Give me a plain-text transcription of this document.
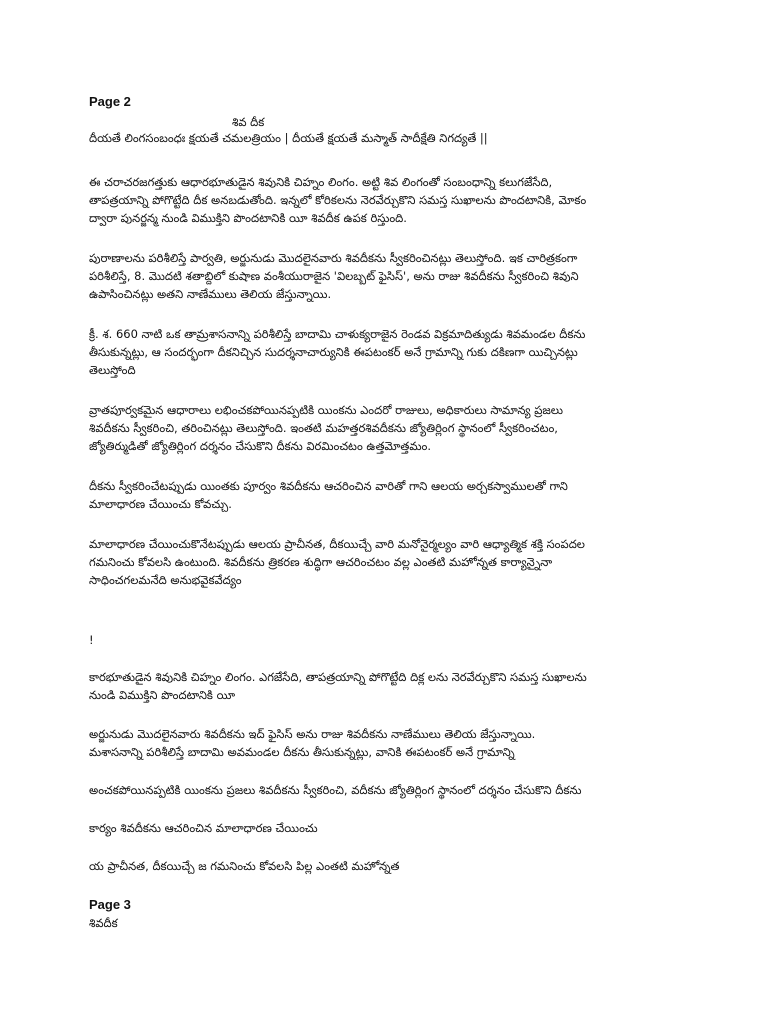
Page 2
శివ దీక
దీయతే లింగసంబంధః క్షయతే చమలత్రియం | దీయతే క్షయతే మస్మాత్ సాదీక్షేతి నిగద్యతే ||
ఈ చరాచరజగత్తుకు ఆధారభూతుడైన శివునికి చిహ్నం లింగం. అట్టి శివ లింగంతో సంబంధాన్ని కలుగజేసేది,
తాపత్రయాన్ని పోగొట్టేది దీక అనబడుతోంది. ఇన్నలో కోరికలను నెరవేర్చుకొని సమస్త సుఖాలను పొందటానికి, మోకం
ద్వారా పునర్జన్మ నుండి విముక్తిని పొందటానికి యీ శివదీక ఉపక రిస్తుంది.
పురాణాలను పరిశీలిస్తే పార్వతి, అర్జునుడు మొదలైనవారు శివదీకను స్వీకరించినట్లు తెలుస్తోంది. ఇక చారిత్రకంగా
పరిశీలిస్తే, 8. మొదటి శతాబ్దిలో కుషాణ వంశీయురాజైన 'విలబ్బట్ ఫైసిస్', అను రాజు శివదీకను స్వీకరించి శివుని
ఉపాసించినట్లు అతని నాణేములు తెలియ జేస్తున్నాయి.
క్రీ. శ. 660 నాటి ఒక తామ్రశాసనాన్ని పరిశీలిస్తే బాదామి చాళుక్యరాజైన రెండవ విక్రమాదిత్యుడు శివమండల దీకను
తీసుకున్నట్లు, ఆ సందర్భంగా దీకనిచ్చిన సుదర్శనాచార్యునికి ఈపటంకర్ అనే గ్రామాన్ని గుకు దకిణగా యిచ్చినట్లు
తెలుస్తోంది
వ్రాతపూర్వకమైన ఆధారాలు లభించకపోయినప్పటికి యింకను ఎందరో రాజులు, అధికారులు సామాన్య ప్రజలు
శివదీకను స్వీకరించి, తరించినట్లు తెలుస్తోంది. ఇంతటి మహత్తరశివదీకను జ్యోతిర్లింగ స్థానంలో స్వీకరించటం,
జ్యోతిర్ముడితో జ్యోతిర్లింగ దర్శనం చేసుకొని దీకను విరమించటం ఉత్తమోత్తమం.
దీకను స్వీకరించేటప్పుడు యింతకు పూర్వం శివదీకను ఆచరించిన వారితో గాని ఆలయ అర్చకస్వాములతో గాని
మాలాధారణ చేయించు కోవచ్చు.
మాలాధారణ చేయించుకొనేటప్పుడు ఆలయ ప్రాచీనత, దీకయిచ్చే వారి మనోనైర్మల్యం వారి ఆధ్యాత్మిక శక్తి సంపదల
గమనించు కోవలసి ఉంటుంది. శివదీకను త్రికరణ శుద్ధిగా ఆచరించటం వల్ల ఎంతటి మహోన్నత కార్యాన్నైనా
సాధించగలమనేది అనుభవైకవేద్యం
!
కారభూతుడైన శివునికి చిహ్నం లింగం. ఎగజేసేది, తాపత్రయాన్ని పోగొట్టేది దిక్ల లను నెరవేర్చుకొని సమస్త సుఖాలను
నుండి విముక్తిని పొందటానికి యీ
అర్జునుడు మొదలైనవారు శివదీకను ఇద్ ఫైసిస్ అను రాజు శివదీకను నాణేములు తెలియ జేస్తున్నాయి.
మశాసనాన్ని పరిశీలిస్తే బాదామి అవమండల దీకను తీసుకున్నట్లు, వానికి ఈపటంకర్ అనే గ్రామాన్ని
అంచకపోయినప్పటికి యింకను ప్రజలు శివదీకను స్వీకరించి, వదీకను జ్యోతిర్లింగ స్థానంలో దర్శనం చేసుకొని దీకను
కార్యం శివదీకను ఆచరించిన మాలాధారణ చేయించు
య ప్రాచీనత, దీకయిచ్చే జ గమనించు కోవలసి పిల్ల ఎంతటి మహోన్నత
Page 3
శివదీక
